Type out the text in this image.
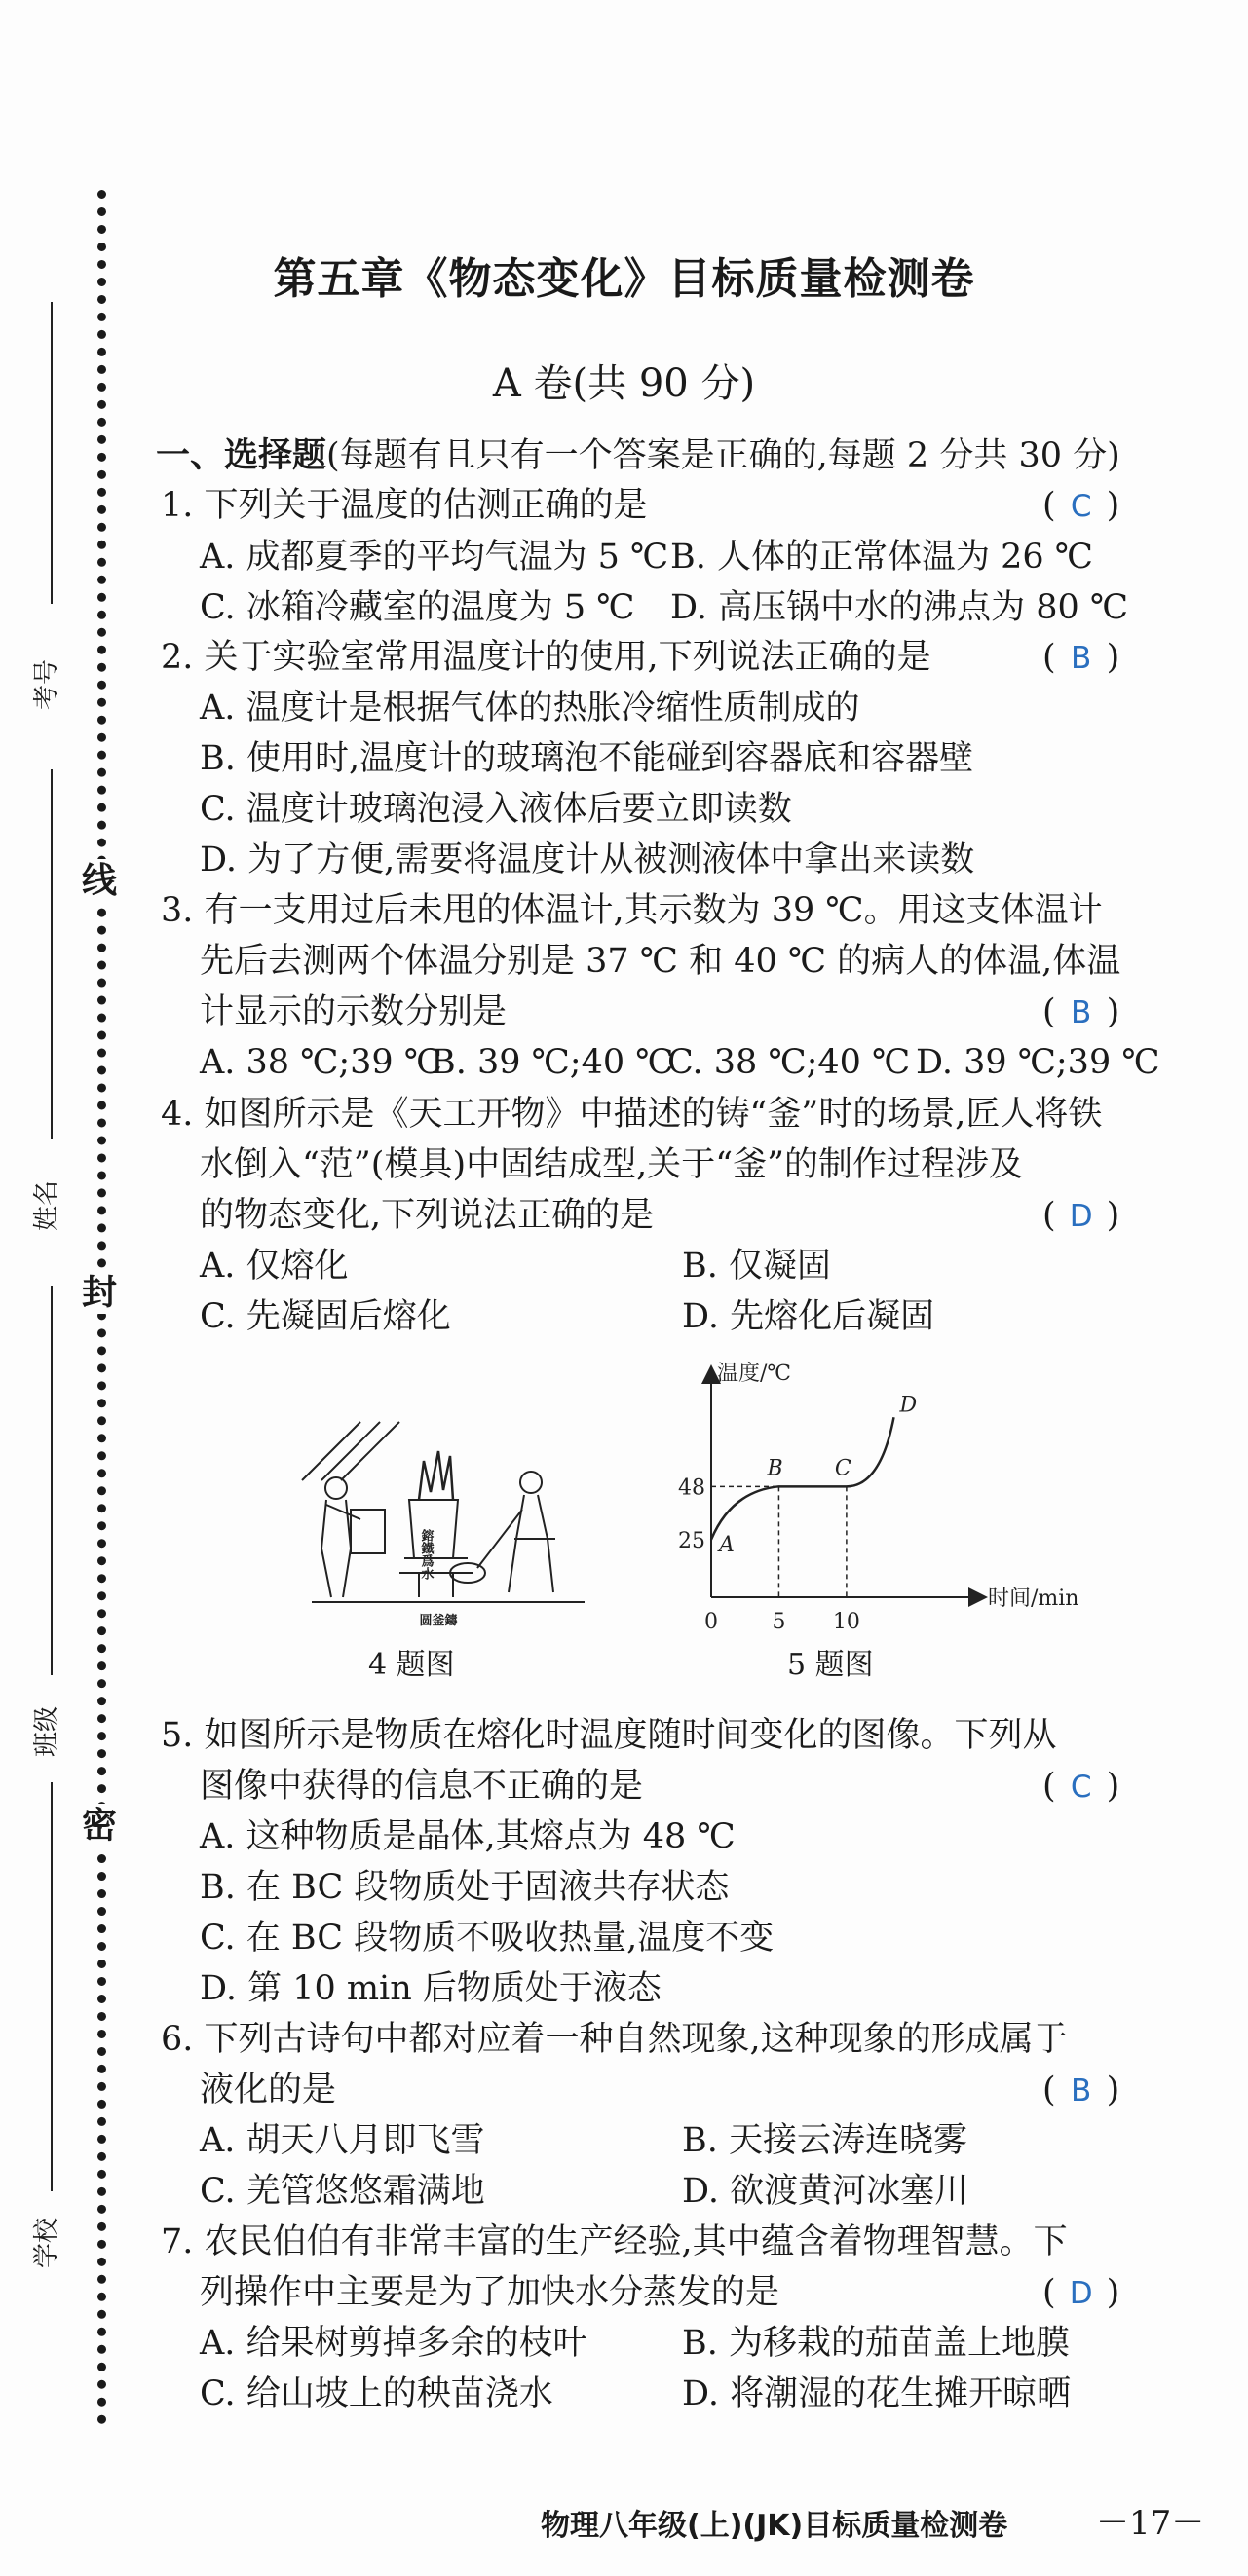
考号
姓名
班级
学校
线
封
密
第五章《物态变化》目标质量检测卷
A 卷(共 90 分)
一、选择题(每题有且只有一个答案是正确的,每题 2 分共 30 分)
1. 下列关于温度的估测正确的是	( C )
A. 成都夏季的平均气温为 5 ℃ B. 人体的正常体温为 26 ℃
C. 冰箱冷藏室的温度为 5 ℃ D. 高压锅中水的沸点为 80 ℃
2. 关于实验室常用温度计的使用,下列说法正确的是	( B )
A. 温度计是根据气体的热胀冷缩性质制成的
B. 使用时,温度计的玻璃泡不能碰到容器底和容器壁
C. 温度计玻璃泡浸入液体后要立即读数
D. 为了方便,需要将温度计从被测液体中拿出来读数
3. 有一支用过后未甩的体温计,其示数为 39 ℃。用这支体温计
先后去测两个体温分别是 37 ℃ 和 40 ℃ 的病人的体温,体温
计显示的示数分别是	( B )
A. 38 ℃;39 ℃
B. 39 ℃;40 ℃
C. 38 ℃;40 ℃ D. 39 ℃;39 ℃
4. 如图所示是《天工开物》中描述的铸“釜”时的场景,匠人将铁
水倒入“范”(模具)中固结成型,关于“釜”的制作过程涉及
的物态变化,下列说法正确的是	( D )
A. 仅熔化	B. 仅凝固
C. 先凝固后熔化	D. 先熔化后凝固
鎔鐵爲水
圆釜鑄
4 题图
温度/℃
时间/min
0	5 10
25
48
A
B C
D
5 题图
5. 如图所示是物质在熔化时温度随时间变化的图像。下列从
图像中获得的信息不正确的是	( C )
A. 这种物质是晶体,其熔点为 48 ℃
B. 在 BC 段物质处于固液共存状态
C. 在 BC 段物质不吸收热量,温度不变
D. 第 10 min 后物质处于液态
6. 下列古诗句中都对应着一种自然现象,这种现象的形成属于
液化的是	( B )
A. 胡天八月即飞雪	B. 天接云涛连晓雾
C. 羌管悠悠霜满地	D. 欲渡黄河冰塞川
7. 农民伯伯有非常丰富的生产经验,其中蕴含着物理智慧。下
列操作中主要是为了加快水分蒸发的是	( D )
A. 给果树剪掉多余的枝叶	B. 为移栽的茄苗盖上地膜
C. 给山坡上的秧苗浇水	D. 将潮湿的花生摊开晾晒
物理八年级(上)(JK)目标质量检测卷	－17－
